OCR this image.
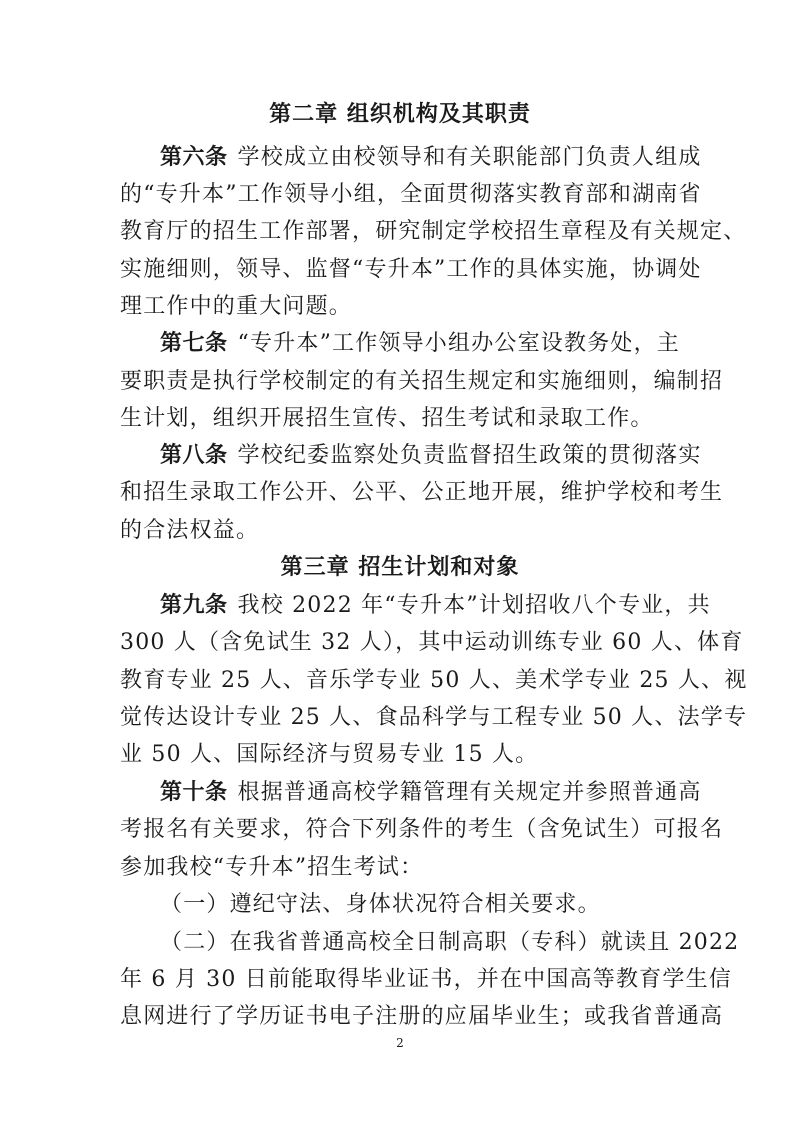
第二章 组织机构及其职责
第六条 学校成立由校领导和有关职能部门负责人组成
的“专升本”工作领导小组，全面贯彻落实教育部和湖南省
教育厅的招生工作部署，研究制定学校招生章程及有关规定、
实施细则，领导、监督“专升本”工作的具体实施，协调处
理工作中的重大问题。
第七条 “专升本”工作领导小组办公室设教务处，主
要职责是执行学校制定的有关招生规定和实施细则，编制招
生计划，组织开展招生宣传、招生考试和录取工作。
第八条 学校纪委监察处负责监督招生政策的贯彻落实
和招生录取工作公开、公平、公正地开展，维护学校和考生
的合法权益。
第三章 招生计划和对象
第九条 我校 2022 年“专升本”计划招收八个专业，共
300 人（含免试生 32 人），其中运动训练专业 60 人、体育
教育专业 25 人、音乐学专业 50 人、美术学专业 25 人、视
觉传达设计专业 25 人、食品科学与工程专业 50 人、法学专
业 50 人、国际经济与贸易专业 15 人。
第十条 根据普通高校学籍管理有关规定并参照普通高
考报名有关要求，符合下列条件的考生（含免试生）可报名
参加我校“专升本”招生考试：
（一）遵纪守法、身体状况符合相关要求。
（二）在我省普通高校全日制高职（专科）就读且 2022
年 6 月 30 日前能取得毕业证书，并在中国高等教育学生信
息网进行了学历证书电子注册的应届毕业生；或我省普通高
2
